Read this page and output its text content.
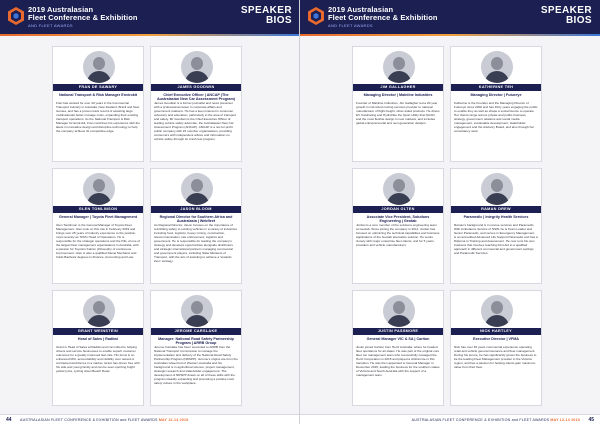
2019 Australasian
Fleet Conference & Exhibition
AND FLEET AWARDS
SPEAKER
BIOS
FRAN DE SAWARY
National Transport & Risk Manager Envirokit
Fran has worked for over 40 years in the Commercial Transport industry in Australia, New Zealand, Brazil and New Guinea, and has a proven track record of assisting large multinationals better manage costs, expanding their existing transport operations. As the National Transport & Risk Manager for Envirokit, Fran combines his experience with the latest in innovative design and disruptive technology to help the company achieve its competitive edge.
JAMES GOODWIN
Chief Executive Officer | ANCAP (The Australasian New Car Assessment Program)
James Goodwin is a former journalist and news presenter with a professional career in corporate affairs and government relations. He has a keen interest in consumer advocacy and education, particularly in the area of transport and safety. Mr Goodwin is the Chief Executive Officer of leading vehicle safety advocate, the Australasian New Car Assessment Program (ANCAP). ANCAP is a not-for-profit public company with 23 member organisations, providing consumers with independent advice and information on vehicle safety through its crash test program.
GLEN TOMLINSON
General Manager | Toyota Fleet Management
Glen Tomlinson is the General Manager of Toyota Fleet Management. Glen took on this role in February 2019 and brings over 25 years of industry experience to the position, most recently as TFM's Head of Operations. He is responsible for the strategic operations and the P&L of one of the largest fleet management organisations in Australia, with a passion for Toyota's Kaizen philosophy of continuous improvement. Glen is also a qualified Diesel Mechanic and holds Bachelor degrees in Finance, Accounting and Law.
JASON BLOOM
Regional Director for Southern Africa and Australasia | Webfleet
As Regional Director, Jason focuses on the importance of retrofitting safety to existing vehicles in a variety of industries including food, logistics, heavy mining, construction, telecommunication, law enforcement, logistics and government. He is responsible for leading the company's strategy and develops opportunities alongside distributors and strategic international partners managing commercial and government players, including State Ministers of Transport, with the aim of assisting to achieve a 'towards Zero' strategy.
GRANT WEINSTEIN
Head of Sales | Radiiwi
Grant is Head of Sales at Radiiwi and committed to helping drivers and service businesses to enable superb customer outcomes for a greatly improved last-mile. His focus is on enhanced ROI, accountability and visibility over owned or contracted workforces in a market. Grant has driven free with his wife and young family and can be seen sporting bright yellow lycra, cycling down Beach Road.
JEROME CARSLAKE
Manager: National Road Safety Partnership Program | ARRB Group
Jerome Carslake has been seconded to ARRB from the National Transport Commission to manage the implementation and delivery of the National Road Safety Partnership Program (NRSPP). Jerome's origins are from the Australian wheel belt of Western Australia and his background is in agricultural science, project management, strategic research and stakeholder engagement. The development of NRSPP draws on all of these skills with the program steadily expanding and promoting a positive road safety culture in the workplace.
44 AUSTRALASIAN FLEET CONFERENCE & EXHIBITION and FLEET AWARDS MAY 12-14 2019
2019 Australasian
Fleet Conference & Exhibition
AND FLEET AWARDS
SPEAKER
BIOS
JIM GALLAGHER
Managing Director | Mainline Industries
Founder of Mainline Industries, Jim Gallagher led a 20-year growth in mid-sized costing services provider to national manufacturer of flight-freight, silver-sided products. He drives EV Carsharing and Hydrobike the Sport Utility that QUAD, and the most flexible design in new markets, and includes global entrepreneurial and next generation designs.
KATHERINE TEH
Managing Director | Futureye
Katherine is the Founder and the Managing Director of Futureye since 2002 and has thirty years engaging the public to enable they as well as shape a social licence to operate. Her clients range across private and public business, strategy, government relations and social media management, sustainable development, stakeholder engagement and the Advisory Board, and also through her consultancy work.
JORDAN OLTEN
Associate Vice President, Solutions Engineering | Geotab
Jordan is a core member of the solutions engineering team at Geotab. Since joining the company in 2011, Jordan has focused on optimizing the technical capabilities and business applications of the Geotab telematics solution. He works closely with major enterprise fleet clients, and for 5 years, providers and vehicle manufacturers.
RAMAN DREW
Paramedic | Integrity Health Services
Raman's background is in rescue services and Paramedic. With Ambulance Service of NSW, he is Team Leader and Senior Paramedic, and serves in Emergency Management, is an accredited Advanced Life Support Paramedic and has a Diploma in Training and Assessment. He now runs his own business that involves teaching First Aid to a qualified approach in different commercial and government settings and Paramedic Services.
JUSTIN PASSMORE
General Manager VIC & SA | Carlton
Justin joined Carlton from Hertz Australia, where he headed fleet operations for all states. He was part of the original core fleet car management team who successfully managed the Hertz Corporation in 2015 and played a critical role in this transition. He was then appointed to General Manager in December 2015, leading the business for the southern states of Victoria and South Australia with the support of a management team.
NICK HARTLEY
Executive Director | VFMA
Nick has over 30 years commercial experience operating retail and vehicle general insurance and fleet management. During his tenure, he has significantly grown the business to be the leading Fleet Management provider in the Victoria region, and has a passion for helping clients gain maximum value from their fleet.
AUSTRALASIAN FLEET CONFERENCE & EXHIBITION and FLEET AWARDS MAY 12-14 2019 45
